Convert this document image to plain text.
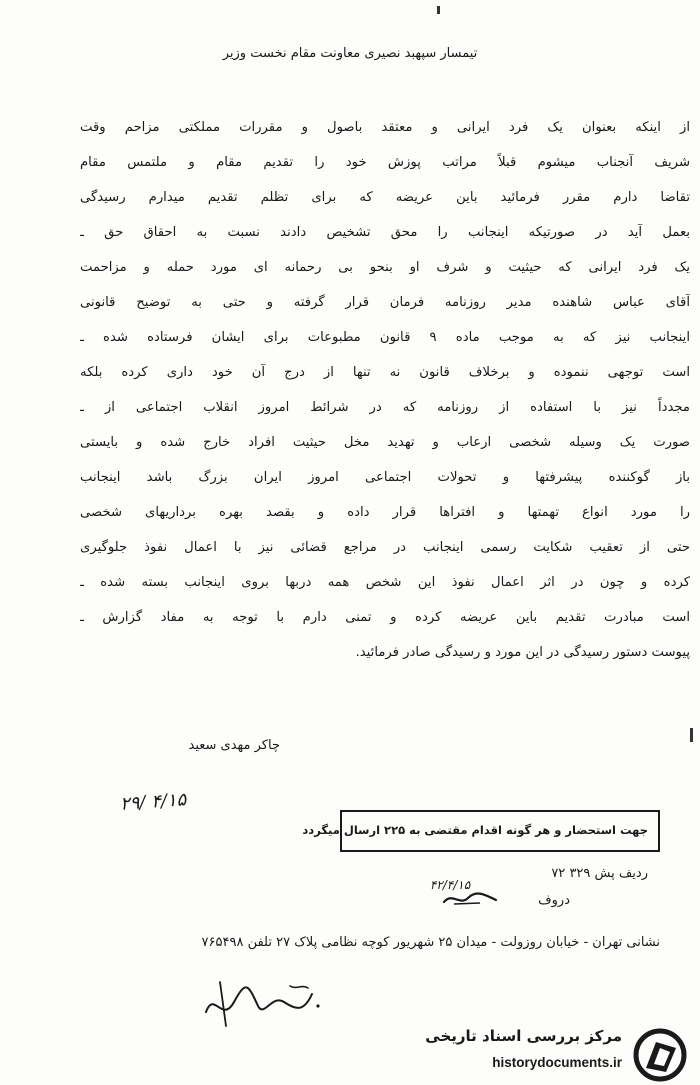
تیمسار سپهبد نصیری معاونت مقام نخست وزیر
از اینکه بعنوان یک فرد ایرانی و معتقد باصول و مقررات مملکتی مزاحم وقت
شریف آنجناب میشوم قبلاً مراتب پوزش خود را تقدیم مقام و ملتمس مقام
تقاضا دارم مقرر فرمائید باین عریضه که برای تظلم تقدیم میدارم رسیدگی
بعمل آید در صورتیکه اینجانب را محق تشخیص دادند نسبت به احقاق حق ـ
یک فرد ایرانی که حیثیت و شرف او بنحو بی رحمانه ای مورد حمله و مزاحمت
آقای عباس شاهنده مدیر روزنامه فرمان قرار گرفته و حتی به توضیح قانونی
اینجانب نیز که به موجب ماده ۹ قانون مطبوعات برای ایشان فرستاده شده ـ
است توجهی ننموده و برخلاف قانون نه تنها از درج آن خود داری کرده بلکه
مجدداً نیز با استفاده از روزنامه که در شرائط امروز انقلاب اجتماعی از ـ
صورت یک وسیله شخصی ارعاب و تهدید مخل حیثیت افراد خارج شده و بایستی
باز گوکننده پیشرفتها و تحولات اجتماعی امروز ایران بزرگ باشد اینجانب
را مورد انواع تهمتها و افتراها قرار داده و بقصد بهره برداریهای شخصی
حتی از تعقیب شکایت رسمی اینجانب در مراجع قضائی نیز با اعمال نفوذ جلوگیری
کرده و چون در اثر اعمال نفوذ این شخص همه دربها بروی اینجانب بسته شده ـ
است مبادرت تقدیم باین عریضه کرده و تمنی دارم با توجه به مفاد گزارش ـ
پیوست دستور رسیدگی در این مورد و رسیدگی صادر فرمائید.
چاکر مهدی سعید
۲۹/ ۴/۱۵
جهت استحضار و هر گونه اقدام مقتضی به ۲۲۵ ارسال میگردد
ردیف پش ۳۲۹ ۷۲
۴۲/۴/۱۵
دروف
نشانی تهران - خیابان روزولت - میدان ۲۵ شهریور کوچه نظامی پلاک ۲۷ تلفن ۷۶۵۴۹۸
مرکز بررسی اسناد تاریخی
historydocuments.ir
